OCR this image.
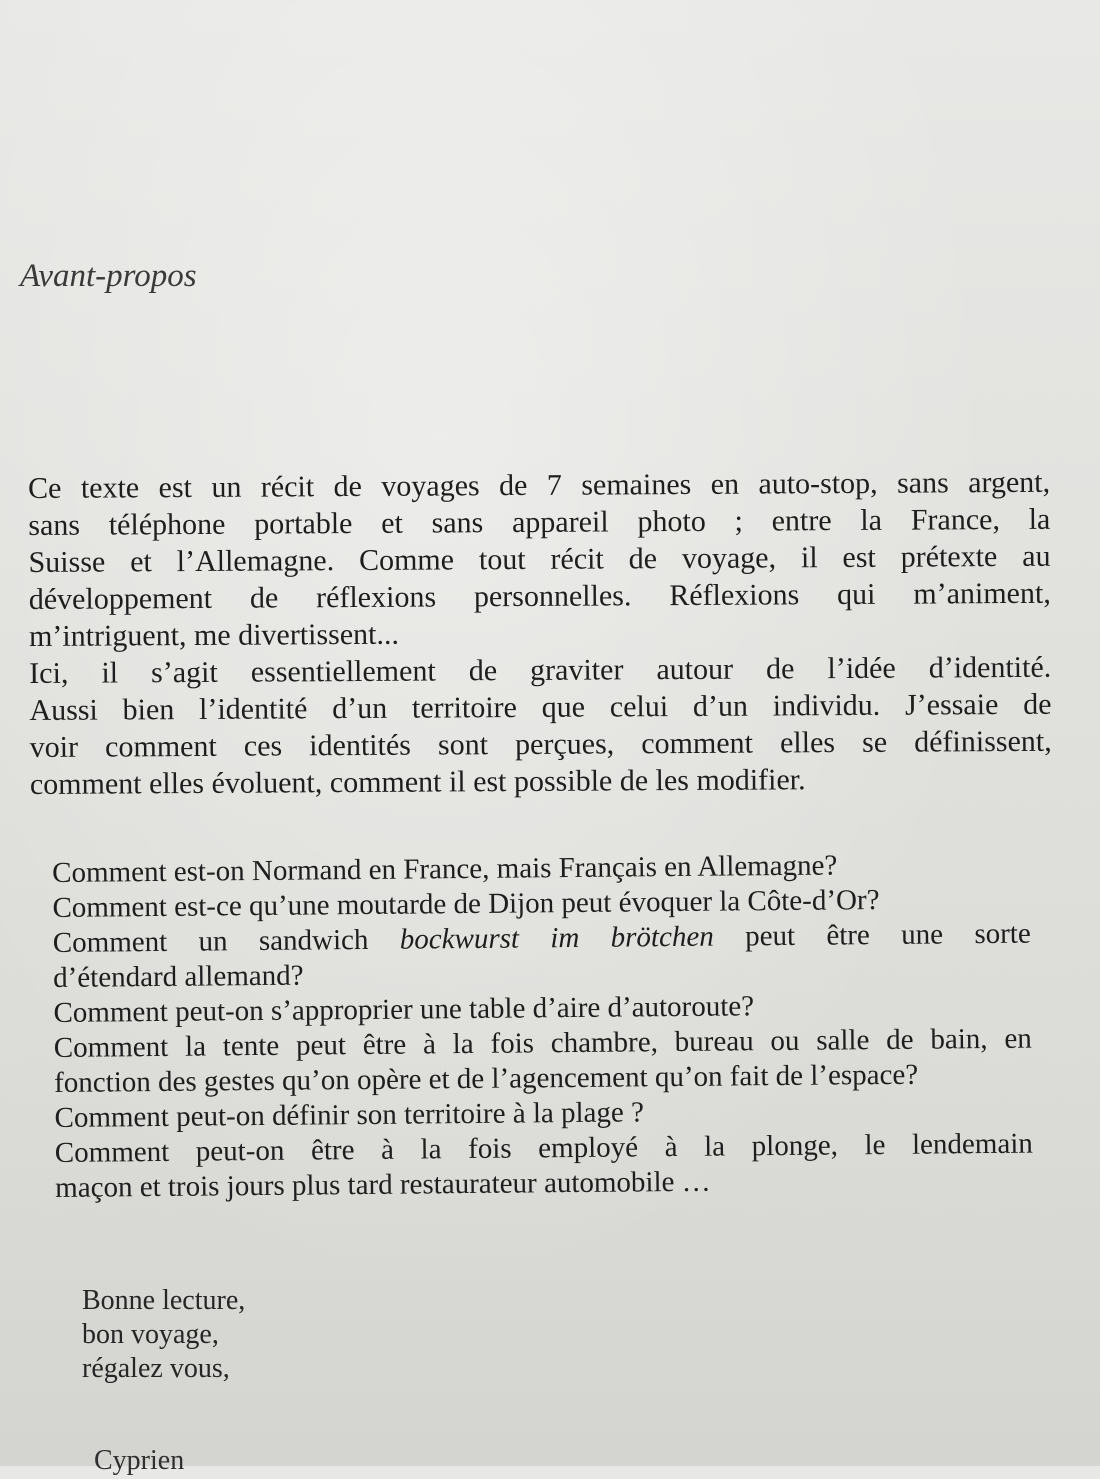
Avant-propos
Ce texte est un récit de voyages de 7 semaines en auto-stop, sans argent,
sans téléphone portable et sans appareil photo ; entre la France, la
Suisse et l’Allemagne. Comme tout récit de voyage, il est prétexte au
développement de réflexions personnelles. Réflexions qui m’animent,
m’intriguent, me divertissent...
Ici, il s’agit essentiellement de graviter autour de l’idée d’identité.
Aussi bien l’identité d’un territoire que celui d’un individu. J’essaie de
voir comment ces identités sont perçues, comment elles se définissent,
comment elles évoluent, comment il est possible de les modifier.
Comment est-on Normand en France, mais Français en Allemagne?
Comment est-ce qu’une moutarde de Dijon peut évoquer la Côte-d’Or?
Comment un sandwich bockwurst im brötchen peut être une sorte
d’étendard allemand?
Comment peut-on s’approprier une table d’aire d’autoroute?
Comment la tente peut être à la fois chambre, bureau ou salle de bain, en
fonction des gestes qu’on opère et de l’agencement qu’on fait de l’espace?
Comment peut-on définir son territoire à la plage ?
Comment peut-on être à la fois employé à la plonge, le lendemain
maçon et trois jours plus tard restaurateur automobile …
Bonne lecture,
bon voyage,
régalez vous,
Cyprien
